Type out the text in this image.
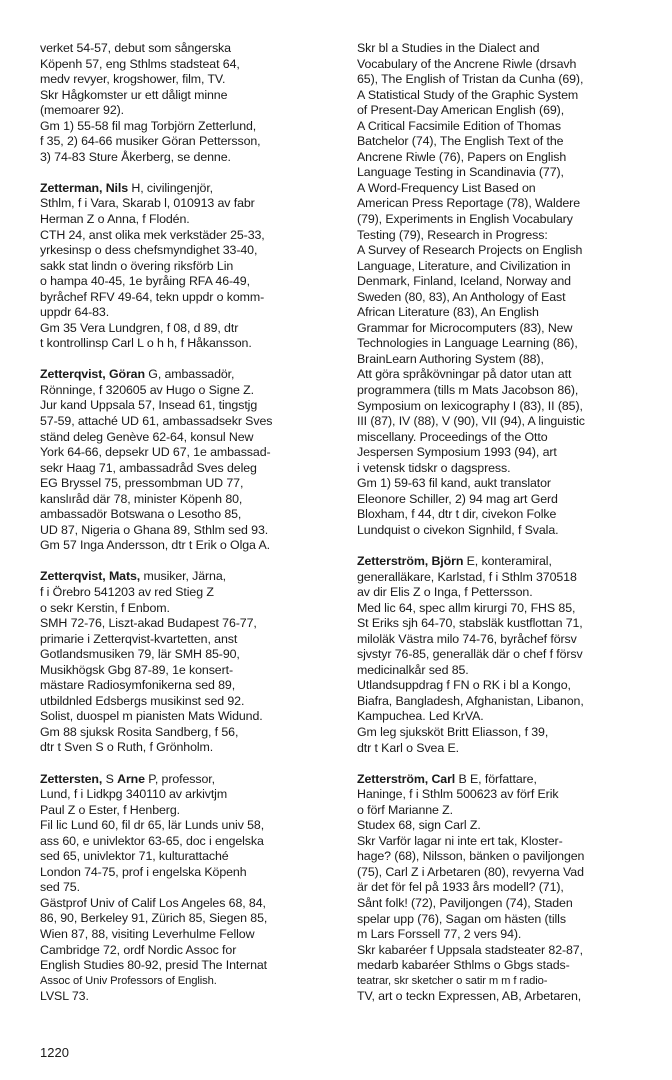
verket 54-57, debut som sångerska
Köpenh 57, eng Sthlms stadsteat 64,
medv revyer, krogshower, film, TV.
Skr Hågkomster ur ett dåligt minne
(memoarer 92).
Gm 1) 55-58 fil mag Torbjörn Zetterlund,
f 35, 2) 64-66 musiker Göran Pettersson,
3) 74-83 Sture Åkerberg, se denne.
Zetterman, Nils H, civilingenjör,
Sthlm, f i Vara, Skarab l, 010913 av fabr
Herman Z o Anna, f Flodén.
CTH 24, anst olika mek verkstäder 25-33,
yrkesinsp o dess chefsmyndighet 33-40,
sakk stat lindn o övering riksförb Lin
o hampa 40-45, 1e byråing RFA 46-49,
byråchef RFV 49-64, tekn uppdr o komm-
uppdr 64-83.
Gm 35 Vera Lundgren, f 08, d 89, dtr
t kontrollinsp Carl L o h h, f Håkansson.
Zetterqvist, Göran G, ambassadör,
Rönninge, f 320605 av Hugo o Signe Z.
Jur kand Uppsala 57, Insead 61, tingstjg
57-59, attaché UD 61, ambassadsekr Sves
ständ deleg Genève 62-64, konsul New
York 64-66, depsekr UD 67, 1e ambassad-
sekr Haag 71, ambassadråd Sves deleg
EG Bryssel 75, pressombman UD 77,
kanslıråd där 78, minister Köpenh 80,
ambassadör Botswana o Lesotho 85,
UD 87, Nigeria o Ghana 89, Sthlm sed 93.
Gm 57 Inga Andersson, dtr t Erik o Olga A.
Zetterqvist, Mats, musiker, Järna,
f i Örebro 541203 av red Stieg Z
o sekr Kerstin, f Enbom.
SMH 72-76, Liszt-akad Budapest 76-77,
primarie i Zetterqvist-kvartetten, anst
Gotlandsmusiken 79, lär SMH 85-90,
Musikhögsk Gbg 87-89, 1e konsert-
mästare Radiosymfonikerna sed 89,
utbildnled Edsbergs musikinst sed 92.
Solist, duospel m pianisten Mats Widund.
Gm 88 sjuksk Rosita Sandberg, f 56,
dtr t Sven S o Ruth, f Grönholm.
Zettersten, S Arne P, professor,
Lund, f i Lidkpg 340110 av arkivtjm
Paul Z o Ester, f Henberg.
Fil lic Lund 60, fil dr 65, lär Lunds univ 58,
ass 60, e univlektor 63-65, doc i engelska
sed 65, univlektor 71, kulturattaché
London 74-75, prof i engelska Köpenh
sed 75.
Gästprof Univ of Calif Los Angeles 68, 84,
86, 90, Berkeley 91, Zürich 85, Siegen 85,
Wien 87, 88, visiting Leverhulme Fellow
Cambridge 72, ordf Nordic Assoc for
English Studies 80-92, presid The Internat
Assoc of Univ Professors of English.
LVSL 73.
Skr bl a Studies in the Dialect and
Vocabulary of the Ancrene Riwle (drsavh
65), The English of Tristan da Cunha (69),
A Statistical Study of the Graphic System
of Present-Day American English (69),
A Critical Facsimile Edition of Thomas
Batchelor (74), The English Text of the
Ancrene Riwle (76), Papers on English
Language Testing in Scandinavia (77),
A Word-Frequency List Based on
American Press Reportage (78), Waldere
(79), Experiments in English Vocabulary
Testing (79), Research in Progress:
A Survey of Research Projects on English
Language, Literature, and Civilization in
Denmark, Finland, Iceland, Norway and
Sweden (80, 83), An Anthology of East
African Literature (83), An English
Grammar for Microcomputers (83), New
Technologies in Language Learning (86),
BrainLearn Authoring System (88),
Att göra språkövningar på dator utan att
programmera (tills m Mats Jacobson 86),
Symposium on lexicography I (83), II (85),
III (87), IV (88), V (90), VII (94), A linguistic
miscellany. Proceedings of the Otto
Jespersen Symposium 1993 (94), art
i vetensk tidskr o dagspress.
Gm 1) 59-63 fil kand, aukt translator
Eleonore Schiller, 2) 94 mag art Gerd
Bloxham, f 44, dtr t dir, civekon Folke
Lundquist o civekon Signhild, f Svala.
Zetterström, Björn E, konteramiral,
generalläkare, Karlstad, f i Sthlm 370518
av dir Elis Z o Inga, f Pettersson.
Med lic 64, spec allm kirurgi 70, FHS 85,
St Eriks sjh 64-70, stabsläk kustflottan 71,
miloläk Västra milo 74-76, byråchef försv
sjvstyr 76-85, generalläk där o chef f försv
medicinalkår sed 85.
Utlandsuppdrag f FN o RK i bl a Kongo,
Biafra, Bangladesh, Afghanistan, Libanon,
Kampuchea. Led KrVA.
Gm leg sjuksköt Britt Eliasson, f 39,
dtr t Karl o Svea E.
Zetterström, Carl B E, författare,
Haninge, f i Sthlm 500623 av förf Erik
o förf Marianne Z.
Studex 68, sign Carl Z.
Skr Varför lagar ni inte ert tak, Kloster-
hage? (68), Nilsson, bänken o paviljongen
(75), Carl Z i Arbetaren (80), revyerna Vad
är det för fel på 1933 års modell? (71),
Sånt folk! (72), Paviljongen (74), Staden
spelar upp (76), Sagan om hästen (tills
m Lars Forssell 77, 2 vers 94).
Skr kabaréer f Uppsala stadsteater 82-87,
medarb kabaréer Sthlms o Gbgs stads-
teatrar, skr sketcher o satir m m f radio-
TV, art o teckn Expressen, AB, Arbetaren,
1220
